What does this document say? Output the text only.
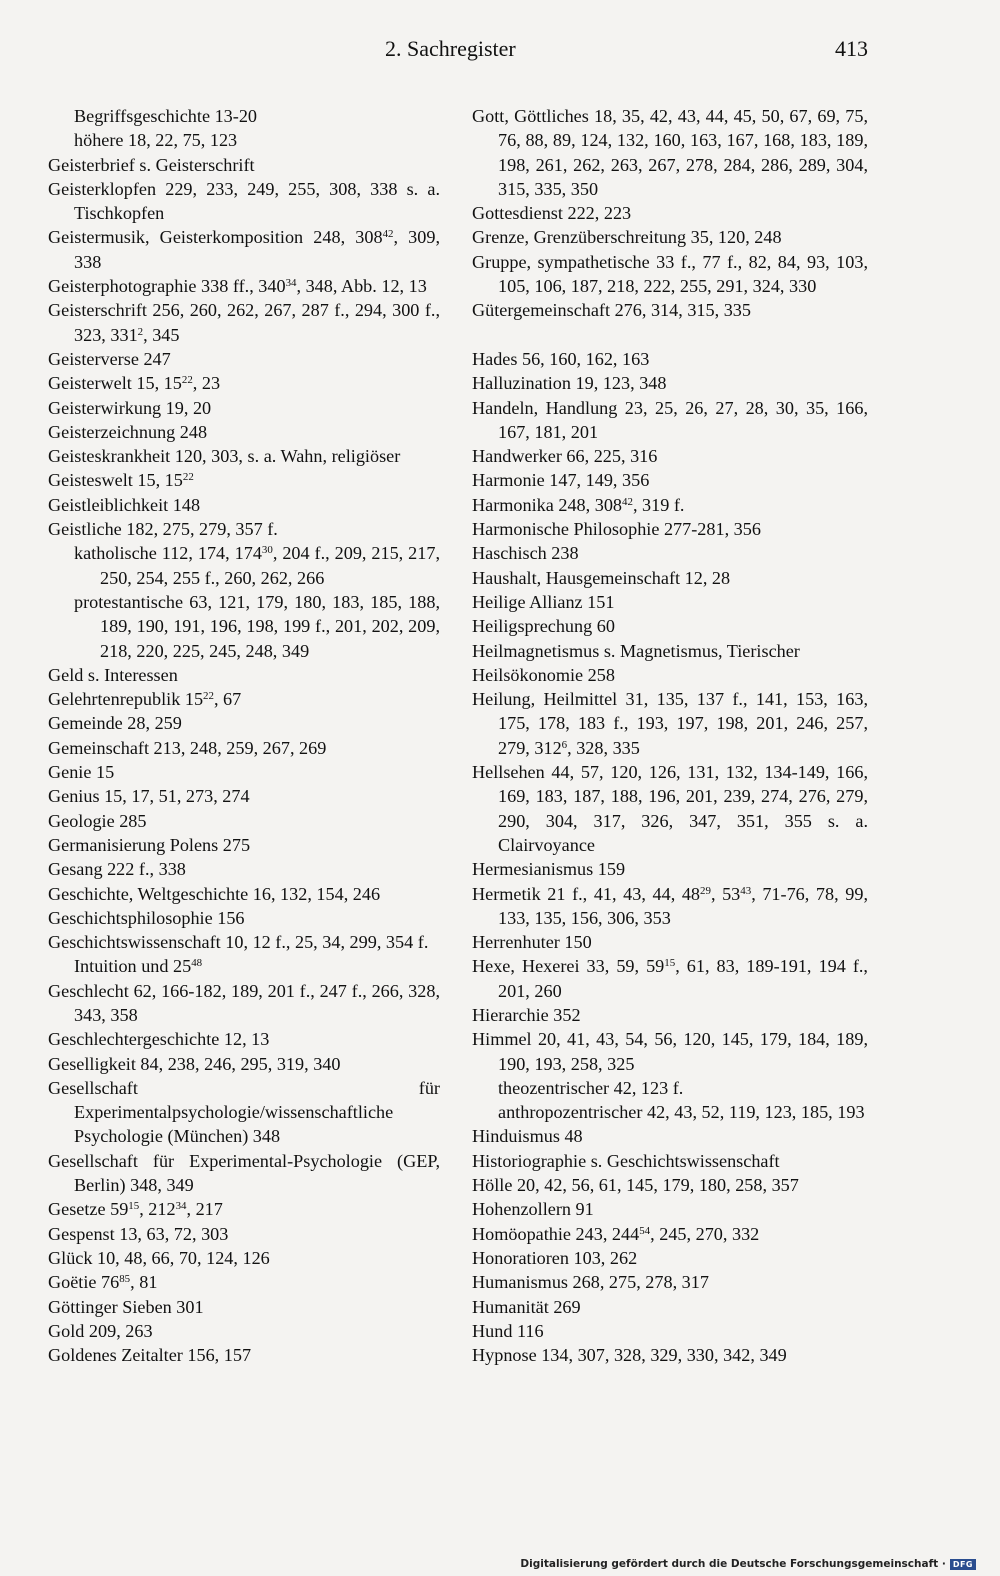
2. Sachregister	413
Begriffsgeschichte 13-20
höhere 18, 22, 75, 123
Geisterbrief s. Geisterschrift
Geisterklopfen 229, 233, 249, 255, 308, 338 s. a. Tischkopfen
Geistermusik, Geisterkomposition 248, $308^{42}$, 309, 338
Geisterphotographie 338 ff., $340^{34}$, 348, Abb. 12, 13
Geisterschrift 256, 260, 262, 267, 287 f., 294, 300 f., 323, $331^2$, 345
Geisterverse 247
Geisterwelt 15, $15^{22}$, 23
Geisterwirkung 19, 20
Geisterzeichnung 248
Geisteskrankheit 120, 303, s. a. Wahn, religiöser
Geisteswelt 15, $15^{22}$
Geistleiblichkeit 148
Geistliche 182, 275, 279, 357 f.
katholische 112, 174, $174^{30}$, 204 f., 209, 215, 217, 250, 254, 255 f., 260, 262, 266
protestantische 63, 121, 179, 180, 183, 185, 188, 189, 190, 191, 196, 198, 199 f., 201, 202, 209, 218, 220, 225, 245, 248, 349
Geld s. Interessen
Gelehrtenrepublik $15^{22}$, 67
Gemeinde 28, 259
Gemeinschaft 213, 248, 259, 267, 269
Genie 15
Genius 15, 17, 51, 273, 274
Geologie 285
Germanisierung Polens 275
Gesang 222 f., 338
Geschichte, Weltgeschichte 16, 132, 154, 246
Geschichtsphilosophie 156
Geschichtswissenschaft 10, 12 f., 25, 34, 299, 354 f.
Intuition und $25^{48}$
Geschlecht 62, 166-182, 189, 201 f., 247 f., 266, 328, 343, 358
Geschlechtergeschichte 12, 13
Geselligkeit 84, 238, 246, 295, 319, 340
Gesellschaft für Experimentalpsychologie/wissenschaftliche Psychologie (München) 348
Gesellschaft für Experimental-Psychologie (GEP, Berlin) 348, 349
Gesetze $59^{15}$, $212^{34}$, 217
Gespenst 13, 63, 72, 303
Glück 10, 48, 66, 70, 124, 126
Goëtie $76^{85}$, 81
Göttinger Sieben 301
Gold 209, 263
Goldenes Zeitalter 156, 157
Gott, Göttliches 18, 35, 42, 43, 44, 45, 50, 67, 69, 75, 76, 88, 89, 124, 132, 160, 163, 167, 168, 183, 189, 198, 261, 262, 263, 267, 278, 284, 286, 289, 304, 315, 335, 350
Gottesdienst 222, 223
Grenze, Grenzüberschreitung 35, 120, 248
Gruppe, sympathetische 33 f., 77 f., 82, 84, 93, 103, 105, 106, 187, 218, 222, 255, 291, 324, 330
Gütergemeinschaft 276, 314, 315, 335
Hades 56, 160, 162, 163
Halluzination 19, 123, 348
Handeln, Handlung 23, 25, 26, 27, 28, 30, 35, 166, 167, 181, 201
Handwerker 66, 225, 316
Harmonie 147, 149, 356
Harmonika 248, $308^{42}$, 319 f.
Harmonische Philosophie 277-281, 356
Haschisch 238
Haushalt, Hausgemeinschaft 12, 28
Heilige Allianz 151
Heiligsprechung 60
Heilmagnetismus s. Magnetismus, Tierischer
Heilsökonomie 258
Heilung, Heilmittel 31, 135, 137 f., 141, 153, 163, 175, 178, 183 f., 193, 197, 198, 201, 246, 257, 279, $312^6$, 328, 335
Hellsehen 44, 57, 120, 126, 131, 132, 134-149, 166, 169, 183, 187, 188, 196, 201, 239, 274, 276, 279, 290, 304, 317, 326, 347, 351, 355 s. a. Clairvoyance
Hermesianismus 159
Hermetik 21 f., 41, 43, 44, $48^{29}$, $53^{43}$, 71-76, 78, 99, 133, 135, 156, 306, 353
Herrenhuter 150
Hexe, Hexerei 33, 59, $59^{15}$, 61, 83, 189-191, 194 f., 201, 260
Hierarchie 352
Himmel 20, 41, 43, 54, 56, 120, 145, 179, 184, 189, 190, 193, 258, 325
theozentrischer 42, 123 f.
anthropozentrischer 42, 43, 52, 119, 123, 185, 193
Hinduismus 48
Historiographie s. Geschichtswissenschaft
Hölle 20, 42, 56, 61, 145, 179, 180, 258, 357
Hohenzollern 91
Homöopathie 243, $244^{54}$, 245, 270, 332
Honoratioren 103, 262
Humanismus 268, 275, 278, 317
Humanität 269
Hund 116
Hypnose 134, 307, 328, 329, 330, 342, 349
Digitalisierung gefördert durch die Deutsche Forschungsgemeinschaft · DFG
